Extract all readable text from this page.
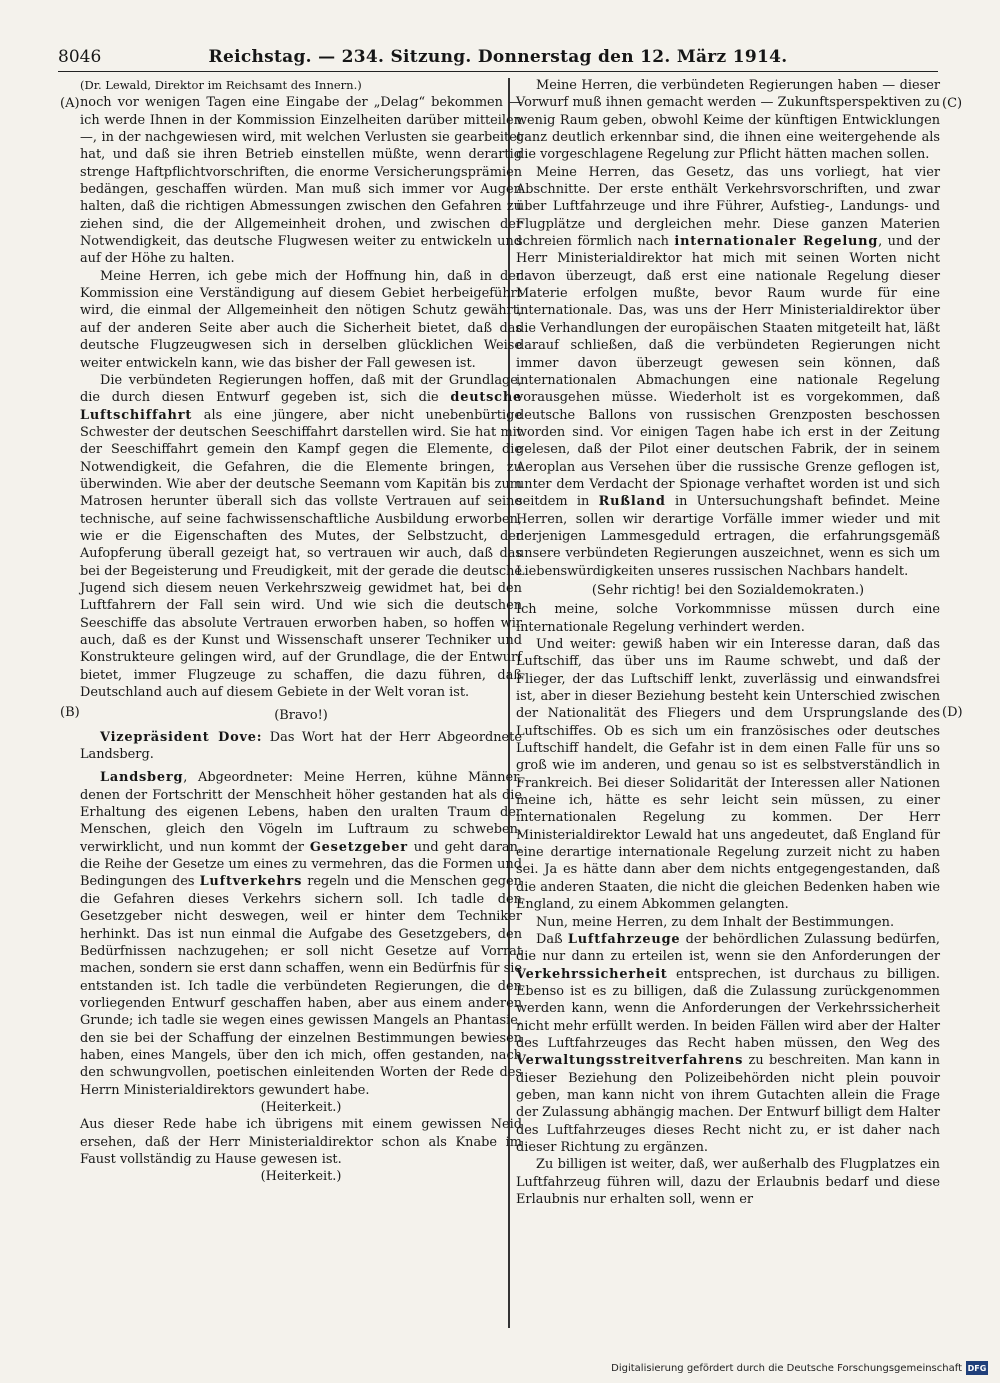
8046	Reichstag. — 234. Sitzung. Donnerstag den 12. März 1914.
(A)
(B)
(C)
(D)

(Dr. Lewald, Direktor im Reichsamt des Innern.)

noch vor wenigen Tagen eine Eingabe der „Delag“ bekommen — ich werde Ihnen in der Kommission Einzelheiten darüber mitteilen —, in der nachgewiesen wird, mit welchen Verlusten sie gearbeitet hat, und daß sie ihren Betrieb einstellen müßte, wenn derartig strenge Haftpflichtvorschriften, die enorme Versicherungsprämien bedängen, geschaffen würden. Man muß sich immer vor Augen halten, daß die richtigen Abmessungen zwischen den Gefahren zu ziehen sind, die der Allgemeinheit drohen, und zwischen der Notwendigkeit, das deutsche Flugwesen weiter zu entwickeln und auf der Höhe zu halten.

Meine Herren, ich gebe mich der Hoffnung hin, daß in der Kommission eine Verständigung auf diesem Gebiet herbeigeführt wird, die einmal der Allgemeinheit den nötigen Schutz gewährt, auf der anderen Seite aber auch die Sicherheit bietet, daß das deutsche Flugzeugwesen sich in derselben glücklichen Weise weiter entwickeln kann, wie das bisher der Fall gewesen ist.

Die verbündeten Regierungen hoffen, daß mit der Grundlage, die durch diesen Entwurf gegeben ist, sich die deutsche Luftschiffahrt als eine jüngere, aber nicht unebenbürtige Schwester der deutschen Seeschiffahrt darstellen wird. Sie hat mit der Seeschiffahrt gemein den Kampf gegen die Elemente, die Notwendigkeit, die Gefahren, die die Elemente bringen, zu überwinden. Wie aber der deutsche Seemann vom Kapitän bis zum Matrosen herunter überall sich das vollste Vertrauen auf seine technische, auf seine fachwissenschaftliche Ausbildung erworben, wie er die Eigenschaften des Mutes, der Selbstzucht, der Aufopferung überall gezeigt hat, so vertrauen wir auch, daß das bei der Begeisterung und Freudigkeit, mit der gerade die deutsche Jugend sich diesem neuen Verkehrszweig gewidmet hat, bei den Luftfahrern der Fall sein wird. Und wie sich die deutschen Seeschiffe das absolute Vertrauen erworben haben, so hoffen wir auch, daß es der Kunst und Wissenschaft unserer Techniker und Konstrukteure gelingen wird, auf der Grundlage, die der Entwurf bietet, immer Flugzeuge zu schaffen, die dazu führen, daß Deutschland auch auf diesem Gebiete in der Welt voran ist.

(Bravo!)

Vizepräsident Dove: Das Wort hat der Herr Abgeordnete Landsberg.

Landsberg, Abgeordneter: Meine Herren, kühne Männer, denen der Fortschritt der Menschheit höher gestanden hat als die Erhaltung des eigenen Lebens, haben den uralten Traum der Menschen, gleich den Vögeln im Luftraum zu schweben, verwirklicht, und nun kommt der Gesetzgeber und geht daran, die Reihe der Gesetze um eines zu vermehren, das die Formen und Bedingungen des Luftverkehrs regeln und die Menschen gegen die Gefahren dieses Verkehrs sichern soll. Ich tadle den Gesetzgeber nicht deswegen, weil er hinter dem Techniker herhinkt. Das ist nun einmal die Aufgabe des Gesetzgebers, den Bedürfnissen nachzugehen; er soll nicht Gesetze auf Vorrat machen, sondern sie erst dann schaffen, wenn ein Bedürfnis für sie entstanden ist. Ich tadle die verbündeten Regierungen, die den vorliegenden Entwurf geschaffen haben, aber aus einem anderen Grunde; ich tadle sie wegen eines gewissen Mangels an Phantasie, den sie bei der Schaffung der einzelnen Bestimmungen bewiesen haben, eines Mangels, über den ich mich, offen gestanden, nach den schwungvollen, poetischen einleitenden Worten der Rede des Herrn Ministerialdirektors gewundert habe.

(Heiterkeit.)

Aus dieser Rede habe ich übrigens mit einem gewissen Neid ersehen, daß der Herr Ministerialdirektor schon als Knabe im Faust vollständig zu Hause gewesen ist.

(Heiterkeit.)

Meine Herren, die verbündeten Regierungen haben — dieser Vorwurf muß ihnen gemacht werden — Zukunftsperspektiven zu wenig Raum geben, obwohl Keime der künftigen Entwicklungen ganz deutlich erkennbar sind, die ihnen eine weitergehende als die vorgeschlagene Regelung zur Pflicht hätten machen sollen.

Meine Herren, das Gesetz, das uns vorliegt, hat vier Abschnitte. Der erste enthält Verkehrsvorschriften, und zwar über Luftfahrzeuge und ihre Führer, Aufstieg-, Landungs- und Flugplätze und dergleichen mehr. Diese ganzen Materien schreien förmlich nach internationaler Regelung, und der Herr Ministerialdirektor hat mich mit seinen Worten nicht davon überzeugt, daß erst eine nationale Regelung dieser Materie erfolgen mußte, bevor Raum wurde für eine internationale. Das, was uns der Herr Ministerialdirektor über die Verhandlungen der europäischen Staaten mitgeteilt hat, läßt darauf schließen, daß die verbündeten Regierungen nicht immer davon überzeugt gewesen sein können, daß internationalen Abmachungen eine nationale Regelung vorausgehen müsse. Wiederholt ist es vorgekommen, daß deutsche Ballons von russischen Grenzposten beschossen worden sind. Vor einigen Tagen habe ich erst in der Zeitung gelesen, daß der Pilot einer deutschen Fabrik, der in seinem Aeroplan aus Versehen über die russische Grenze geflogen ist, unter dem Verdacht der Spionage verhaftet worden ist und sich seitdem in Rußland in Untersuchungshaft befindet. Meine Herren, sollen wir derartige Vorfälle immer wieder und mit derjenigen Lammesgeduld ertragen, die erfahrungsgemäß unsere verbündeten Regierungen auszeichnet, wenn es sich um Liebenswürdigkeiten unseres russischen Nachbars handelt.

(Sehr richtig! bei den Sozialdemokraten.)

Ich meine, solche Vorkommnisse müssen durch eine internationale Regelung verhindert werden.

Und weiter: gewiß haben wir ein Interesse daran, daß das Luftschiff, das über uns im Raume schwebt, und daß der Flieger, der das Luftschiff lenkt, zuverlässig und einwandsfrei ist, aber in dieser Beziehung besteht kein Unterschied zwischen der Nationalität des Fliegers und dem Ursprungslande des Luftschiffes. Ob es sich um ein französisches oder deutsches Luftschiff handelt, die Gefahr ist in dem einen Falle für uns so groß wie im anderen, und genau so ist es selbstverständlich in Frankreich. Bei dieser Solidarität der Interessen aller Nationen meine ich, hätte es sehr leicht sein müssen, zu einer internationalen Regelung zu kommen. Der Herr Ministerialdirektor Lewald hat uns angedeutet, daß England für eine derartige internationale Regelung zurzeit nicht zu haben sei. Ja es hätte dann aber dem nichts entgegengestanden, daß die anderen Staaten, die nicht die gleichen Bedenken haben wie England, zu einem Abkommen gelangten.

Nun, meine Herren, zu dem Inhalt der Bestimmungen.

Daß Luftfahrzeuge der behördlichen Zulassung bedürfen, die nur dann zu erteilen ist, wenn sie den Anforderungen der Verkehrssicherheit entsprechen, ist durchaus zu billigen. Ebenso ist es zu billigen, daß die Zulassung zurückgenommen werden kann, wenn die Anforderungen der Verkehrssicherheit nicht mehr erfüllt werden. In beiden Fällen wird aber der Halter des Luftfahrzeuges das Recht haben müssen, den Weg des Verwaltungsstreitverfahrens zu beschreiten. Man kann in dieser Beziehung den Polizeibehörden nicht plein pouvoir geben, man kann nicht von ihrem Gutachten allein die Frage der Zulassung abhängig machen. Der Entwurf billigt dem Halter des Luftfahrzeuges dieses Recht nicht zu, er ist daher nach dieser Richtung zu ergänzen.

Zu billigen ist weiter, daß, wer außerhalb des Flugplatzes ein Luftfahrzeug führen will, dazu der Erlaubnis bedarf und diese Erlaubnis nur erhalten soll, wenn er

Digitalisierung gefördert durch die Deutsche Forschungsgemeinschaft DFG
